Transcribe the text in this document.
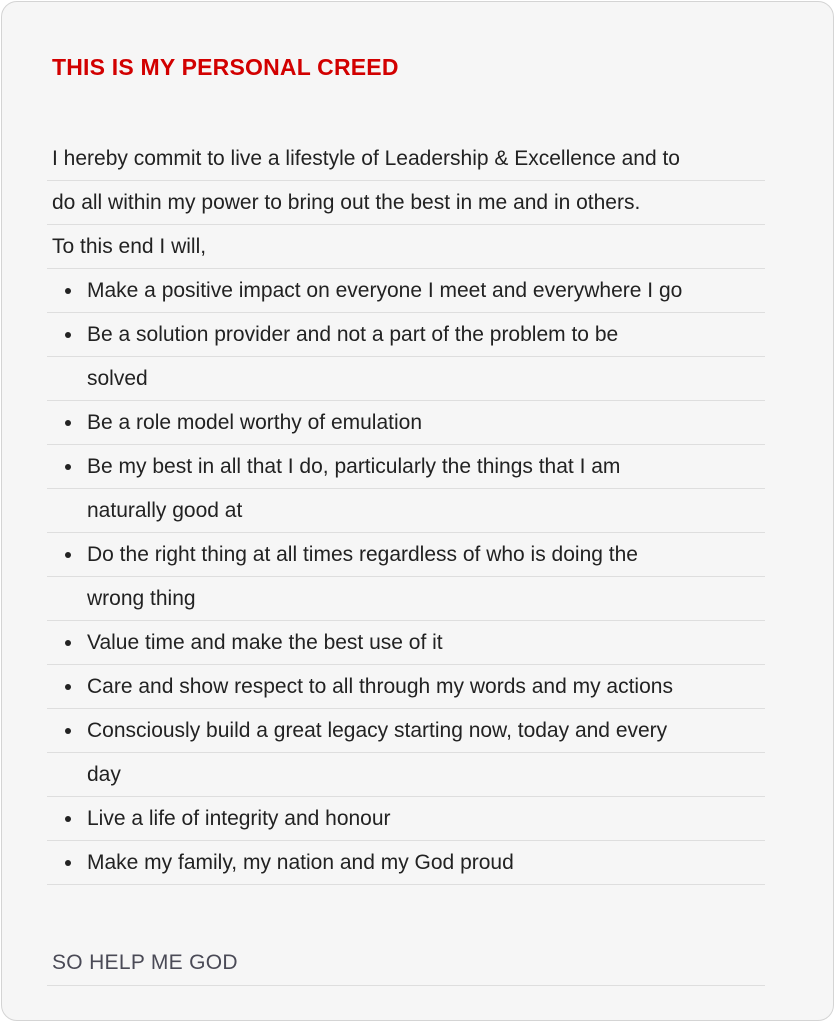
THIS IS MY PERSONAL CREED
I hereby commit to live a lifestyle of Leadership & Excellence and to
do all within my power to bring out the best in me and in others.
To this end I will,
Make a positive impact on everyone I meet and everywhere I go
Be a solution provider and not a part of the problem to be
solved
Be a role model worthy of emulation
Be my best in all that I do, particularly the things that I am
naturally good at
Do the right thing at all times regardless of who is doing the
wrong thing
Value time and make the best use of it
Care and show respect to all through my words and my actions
Consciously build a great legacy starting now, today and every
day
Live a life of integrity and honour
Make my family, my nation and my God proud
SO HELP ME GOD
